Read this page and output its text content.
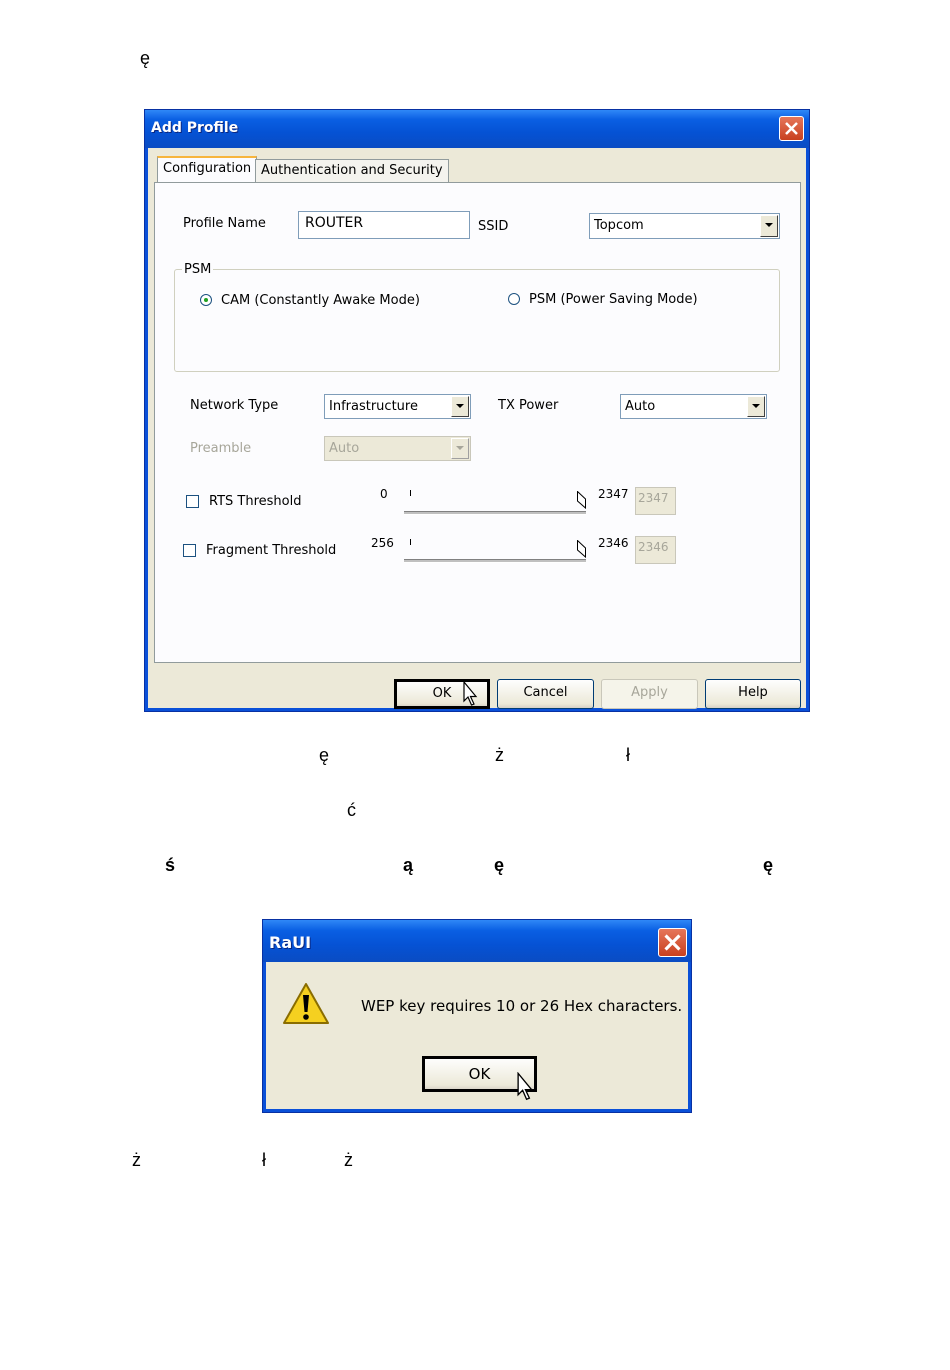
ę
Add Profile
Configuration Authentication and Security
Profile Name	ROUTER	SSID	Topcom
PSM
CAM (Constantly Awake Mode)	PSM (Power Saving Mode)
Network Type	Infrastructure	TX Power	Auto
Preamble	Auto
RTS Threshold	0	2347 2347
Fragment Threshold	256	2346 2346
OK	Cancel	Apply	Help
ę	ż	ł
ć
ś	ą	ę	ę
RaUI
WEP key requires 10 or 26 Hex characters.
OK
ż	ł	ż
